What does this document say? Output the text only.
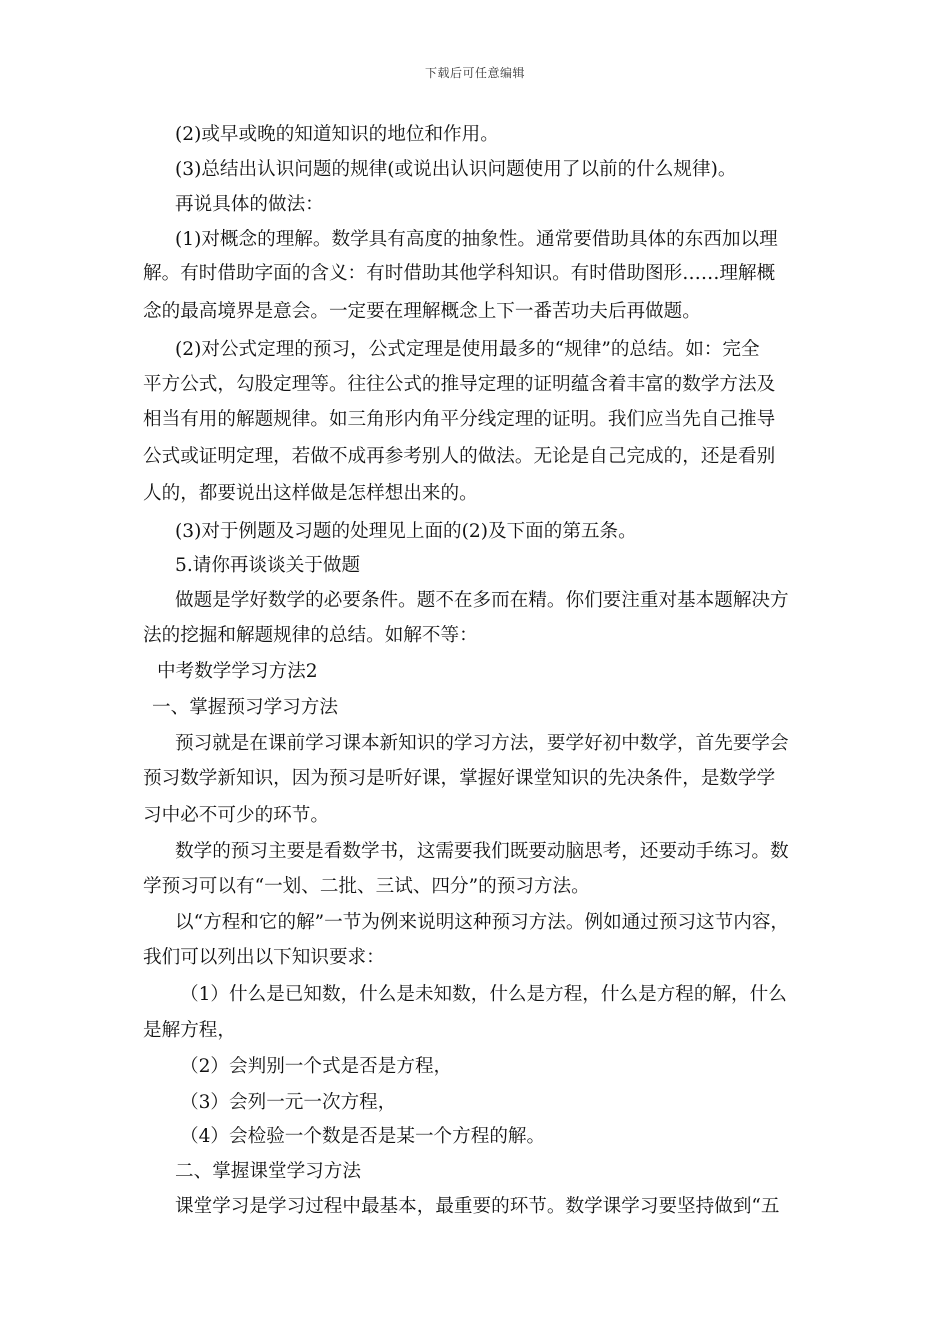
下载后可任意编辑
(2)或早或晚的知道知识的地位和作用。
(3)总结出认识问题的规律(或说出认识问题使用了以前的什么规律)。
再说具体的做法：
(1)对概念的理解。数学具有高度的抽象性。通常要借助具体的东西加以理
解。有时借助字面的含义：有时借助其他学科知识。有时借助图形……理解概
念的最高境界是意会。一定要在理解概念上下一番苦功夫后再做题。
(2)对公式定理的预习，公式定理是使用最多的“规律”的总结。如：完全
平方公式，勾股定理等。往往公式的推导定理的证明蕴含着丰富的数学方法及
相当有用的解题规律。如三角形内角平分线定理的证明。我们应当先自己推导
公式或证明定理，若做不成再参考别人的做法。无论是自己完成的，还是看别
人的，都要说出这样做是怎样想出来的。
(3)对于例题及习题的处理见上面的(2)及下面的第五条。
5.请你再谈谈关于做题
做题是学好数学的必要条件。题不在多而在精。你们要注重对基本题解决方
法的挖掘和解题规律的总结。如解不等：
中考数学学习方法2
一、掌握预习学习方法
预习就是在课前学习课本新知识的学习方法，要学好初中数学，首先要学会
预习数学新知识，因为预习是听好课，掌握好课堂知识的先决条件，是数学学
习中必不可少的环节。
数学的预习主要是看数学书，这需要我们既要动脑思考，还要动手练习。数
学预习可以有“一划、二批、三试、四分”的预习方法。
以“方程和它的解”一节为例来说明这种预习方法。例如通过预习这节内容，
我们可以列出以下知识要求：
（1）什么是已知数，什么是未知数，什么是方程，什么是方程的解，什么
是解方程，
（2）会判别一个式是否是方程，
（3）会列一元一次方程，
（4）会检验一个数是否是某一个方程的解。
二、掌握课堂学习方法
课堂学习是学习过程中最基本，最重要的环节。数学课学习要坚持做到“五
